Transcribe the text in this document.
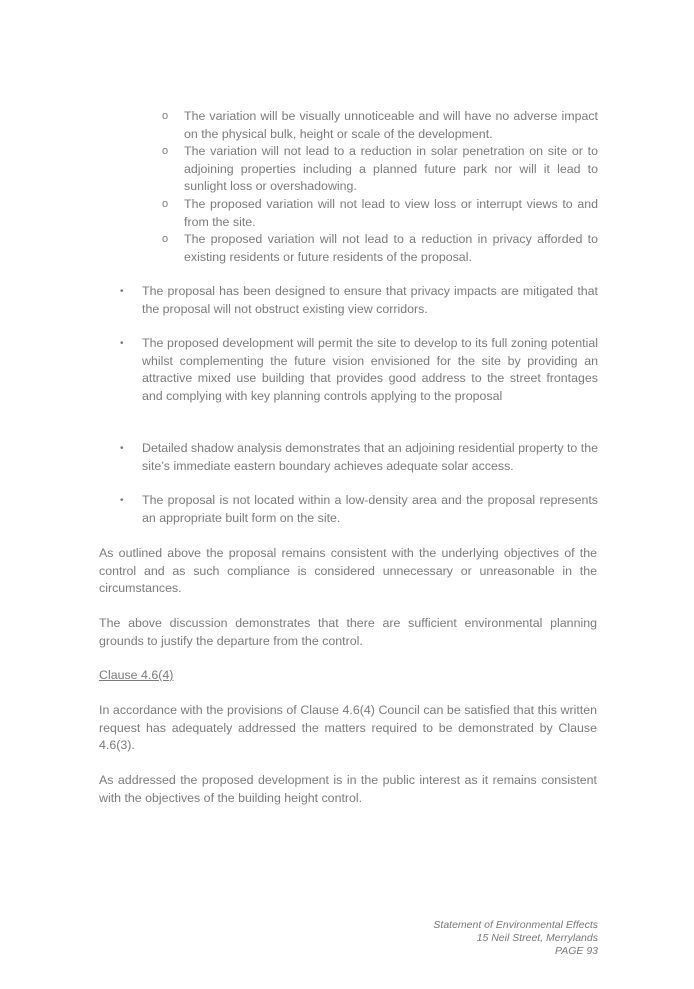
o The variation will be visually unnoticeable and will have no adverse impact on the physical bulk, height or scale of the development.
o The variation will not lead to a reduction in solar penetration on site or to adjoining properties including a planned future park nor will it lead to sunlight loss or overshadowing.
o The proposed variation will not lead to view loss or interrupt views to and from the site.
o The proposed variation will not lead to a reduction in privacy afforded to existing residents or future residents of the proposal.
• The proposal has been designed to ensure that privacy impacts are mitigated that the proposal will not obstruct existing view corridors.
• The proposed development will permit the site to develop to its full zoning potential whilst complementing the future vision envisioned for the site by providing an attractive mixed use building that provides good address to the street frontages and complying with key planning controls applying to the proposal
• Detailed shadow analysis demonstrates that an adjoining residential property to the site’s immediate eastern boundary achieves adequate solar access.
• The proposal is not located within a low-density area and the proposal represents an appropriate built form on the site.

As outlined above the proposal remains consistent with the underlying objectives of the control and as such compliance is considered unnecessary or unreasonable in the circumstances.

The above discussion demonstrates that there are sufficient environmental planning grounds to justify the departure from the control.

Clause 4.6(4)

In accordance with the provisions of Clause 4.6(4) Council can be satisfied that this written request has adequately addressed the matters required to be demonstrated by Clause 4.6(3).

As addressed the proposed development is in the public interest as it remains consistent with the objectives of the building height control.

Statement of Environmental Effects
15 Neil Street, Merrylands
PAGE 93
